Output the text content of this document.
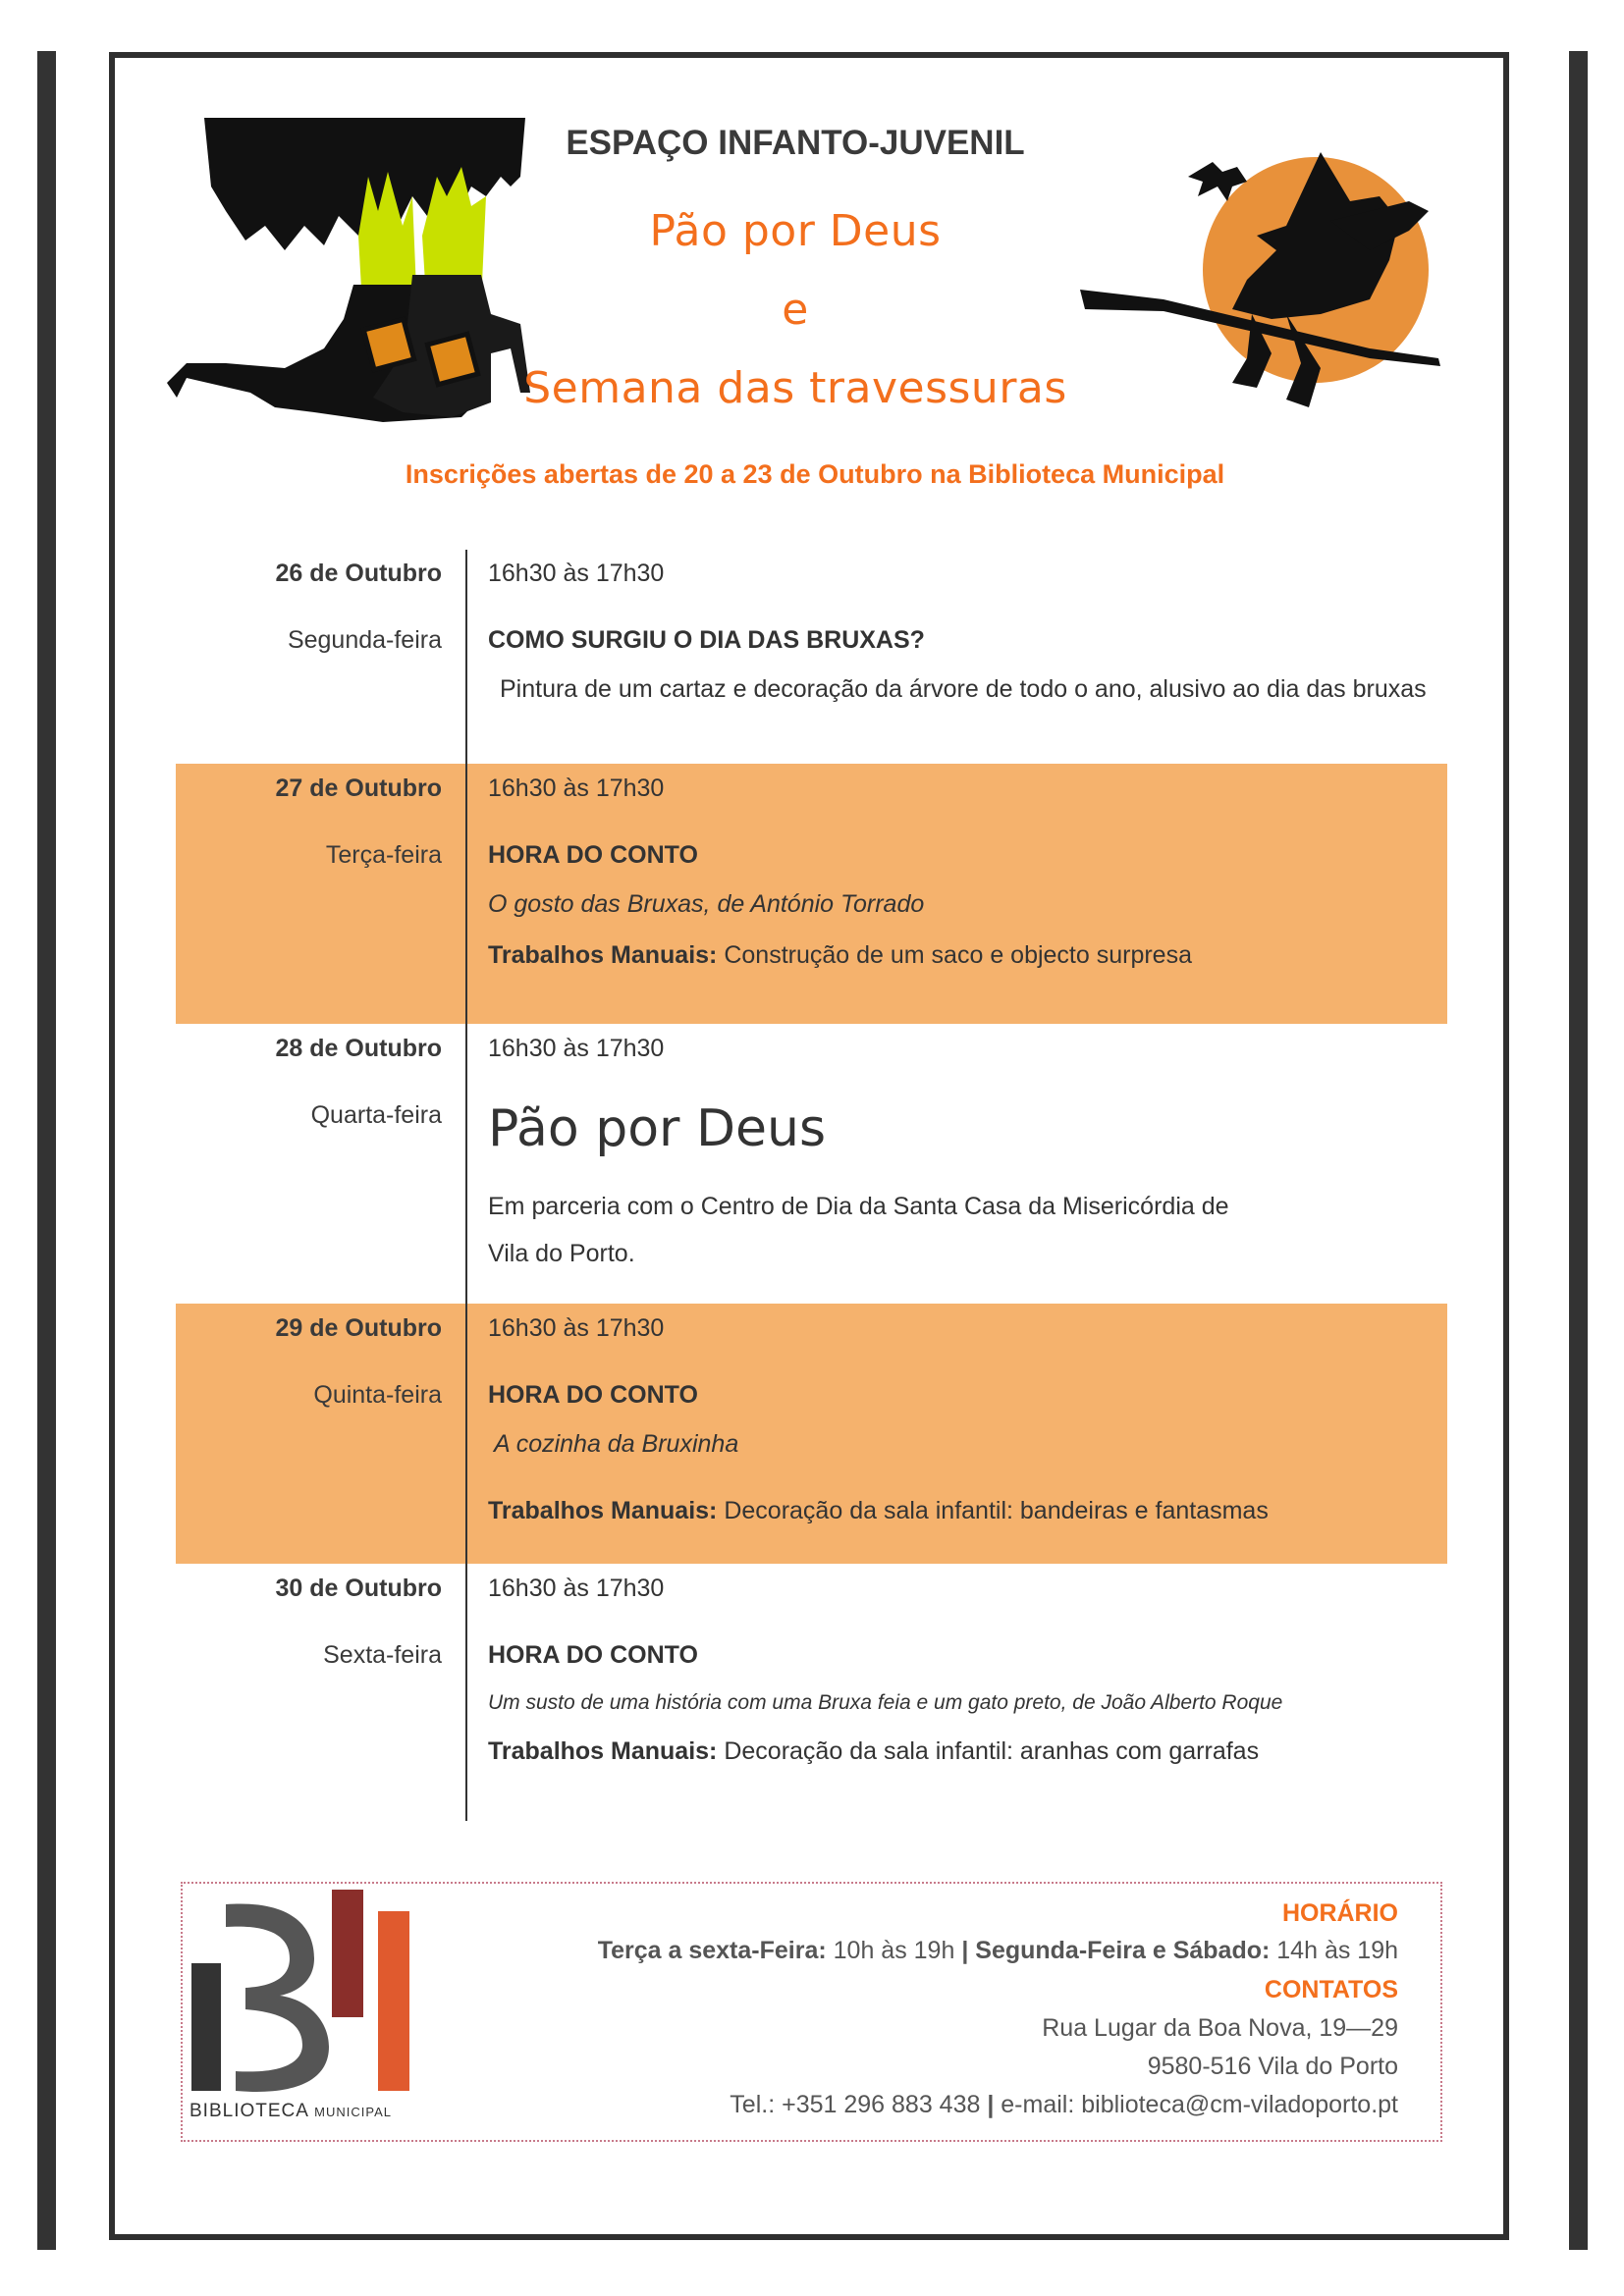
ESPAÇO INFANTO-JUVENIL
Pão por Deus
e
Semana das travessuras
Inscrições abertas de 20 a 23 de Outubro na Biblioteca Municipal
26 de Outubro
Segunda-feira
16h30 às 17h30
COMO SURGIU O DIA DAS BRUXAS?
Pintura de um cartaz e decoração da árvore de todo o ano, alusivo ao dia das bruxas
27 de Outubro
Terça-feira
16h30 às 17h30
HORA DO CONTO
O gosto das Bruxas, de António Torrado
Trabalhos Manuais: Construção de um saco e objecto surpresa
28 de Outubro
Quarta-feira
16h30 às 17h30
Pão por Deus
Em parceria com o Centro de Dia da Santa Casa da Misericórdia de
Vila do Porto.
29 de Outubro
Quinta-feira
16h30 às 17h30
HORA DO CONTO
A cozinha da Bruxinha
Trabalhos Manuais: Decoração da sala infantil: bandeiras e fantasmas
30 de Outubro
Sexta-feira
16h30 às 17h30
HORA DO CONTO
Um susto de uma história com uma Bruxa feia e um gato preto, de João Alberto Roque
Trabalhos Manuais: Decoração da sala infantil: aranhas com garrafas
BIBLIOTECA MUNICIPAL
HORÁRIO
Terça a sexta-Feira: 10h às 19h | Segunda-Feira e Sábado: 14h às 19h
CONTATOS
Rua Lugar da Boa Nova, 19—29
9580-516 Vila do Porto
Tel.: +351 296 883 438 | e-mail: biblioteca@cm-viladoporto.pt
